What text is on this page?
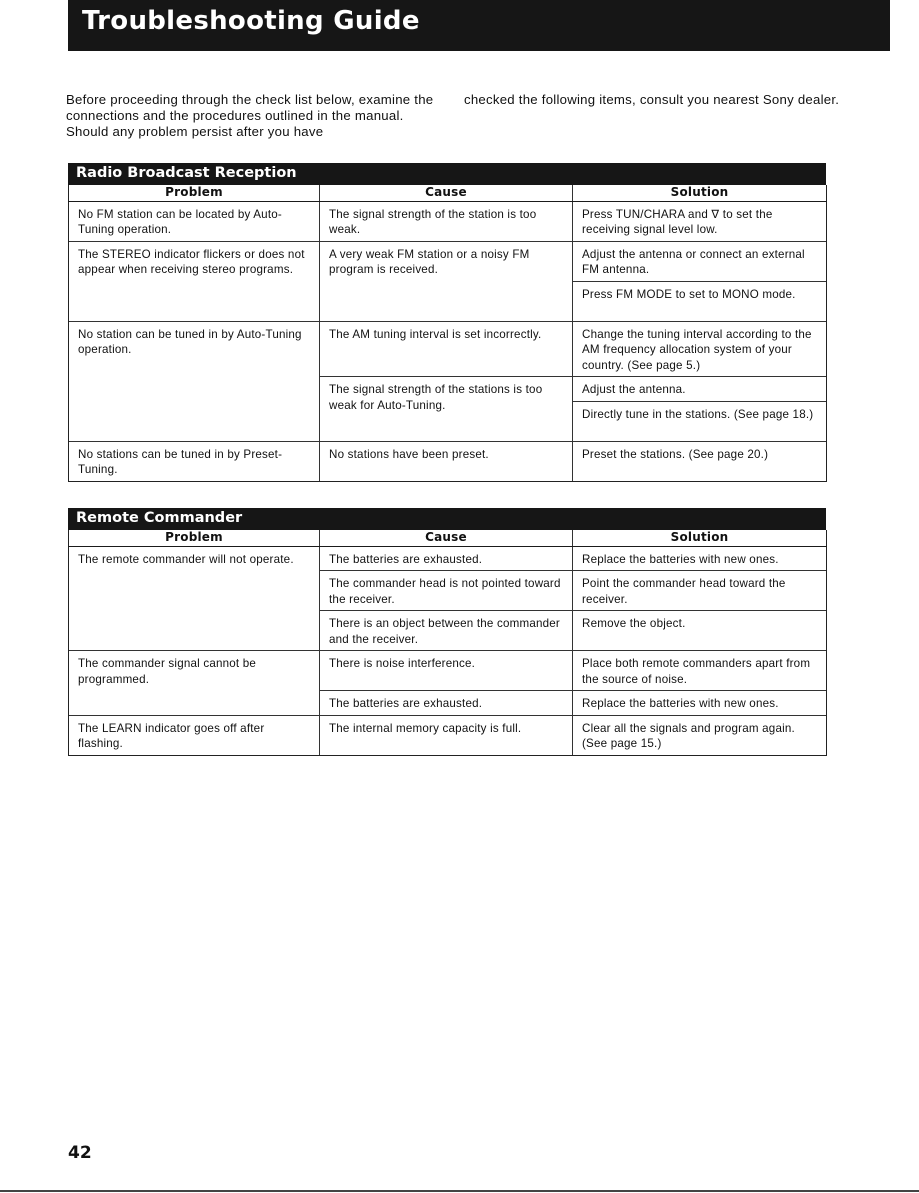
Troubleshooting Guide

Before proceeding through the check list below, examine the connections and the procedures outlined in the manual. Should any problem persist after you have

checked the following items, consult you nearest Sony dealer.

Radio Broadcast Reception
Problem	Cause	Solution
No FM station can be located by Auto-Tuning operation.	The signal strength of the station is too weak.	Press TUN/CHARA and ∇ to set the receiving signal level low.
The STEREO indicator flickers or does not appear when receiving stereo programs.	A very weak FM station or a noisy FM program is received.	Adjust the antenna or connect an external FM antenna.
		Press FM MODE to set to MONO mode.
No station can be tuned in by Auto-Tuning operation.	The AM tuning interval is set incorrectly.	Change the tuning interval according to the AM frequency allocation system of your country. (See page 5.)
	The signal strength of the stations is too weak for Auto-Tuning.	Adjust the antenna.
		Directly tune in the stations. (See page 18.)
No stations can be tuned in by Preset-Tuning.	No stations have been preset.	Preset the stations. (See page 20.)
Remote Commander
Problem	Cause	Solution
The remote commander will not operate.	The batteries are exhausted.	Replace the batteries with new ones.
	The commander head is not pointed toward the receiver.	Point the commander head toward the receiver.
	There is an object between the commander and the receiver.	Remove the object.
The commander signal cannot be programmed.	There is noise interference.	Place both remote commanders apart from the source of noise.
	The batteries are exhausted.	Replace the batteries with new ones.
The LEARN indicator goes off after flashing.	The internal memory capacity is full.	Clear all the signals and program again. (See page 15.)
42
